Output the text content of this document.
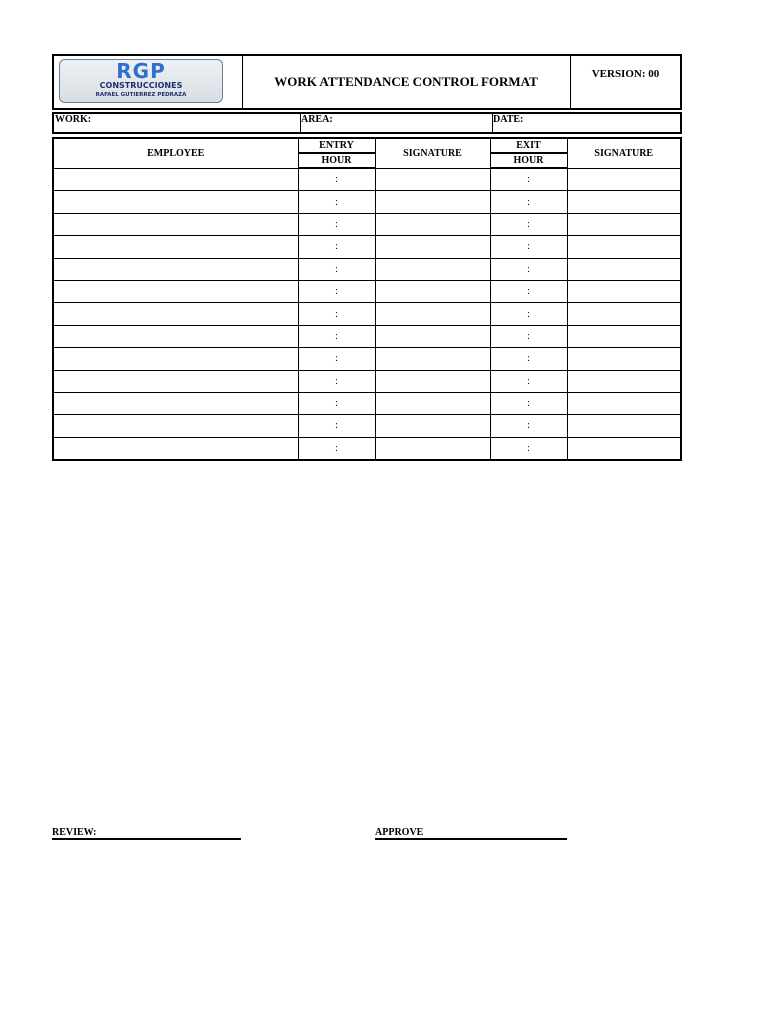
RGP
CONSTRUCCIONES
RAFAEL GUTIERREZ PEDRAZA
WORK ATTENDANCE CONTROL FORMAT	VERSION: 00
WORK:	AREA:	DATE:
EMPLOYEE	ENTRY	SIGNATURE	EXIT	SIGNATURE
	HOUR		HOUR	
	:		:	
	:		:	
	:		:	
	:		:	
	:		:	
	:		:	
	:		:	
	:		:	
	:		:	
	:		:	
	:		:	
	:		:	
	:		:	
REVIEW:	APPROVE
